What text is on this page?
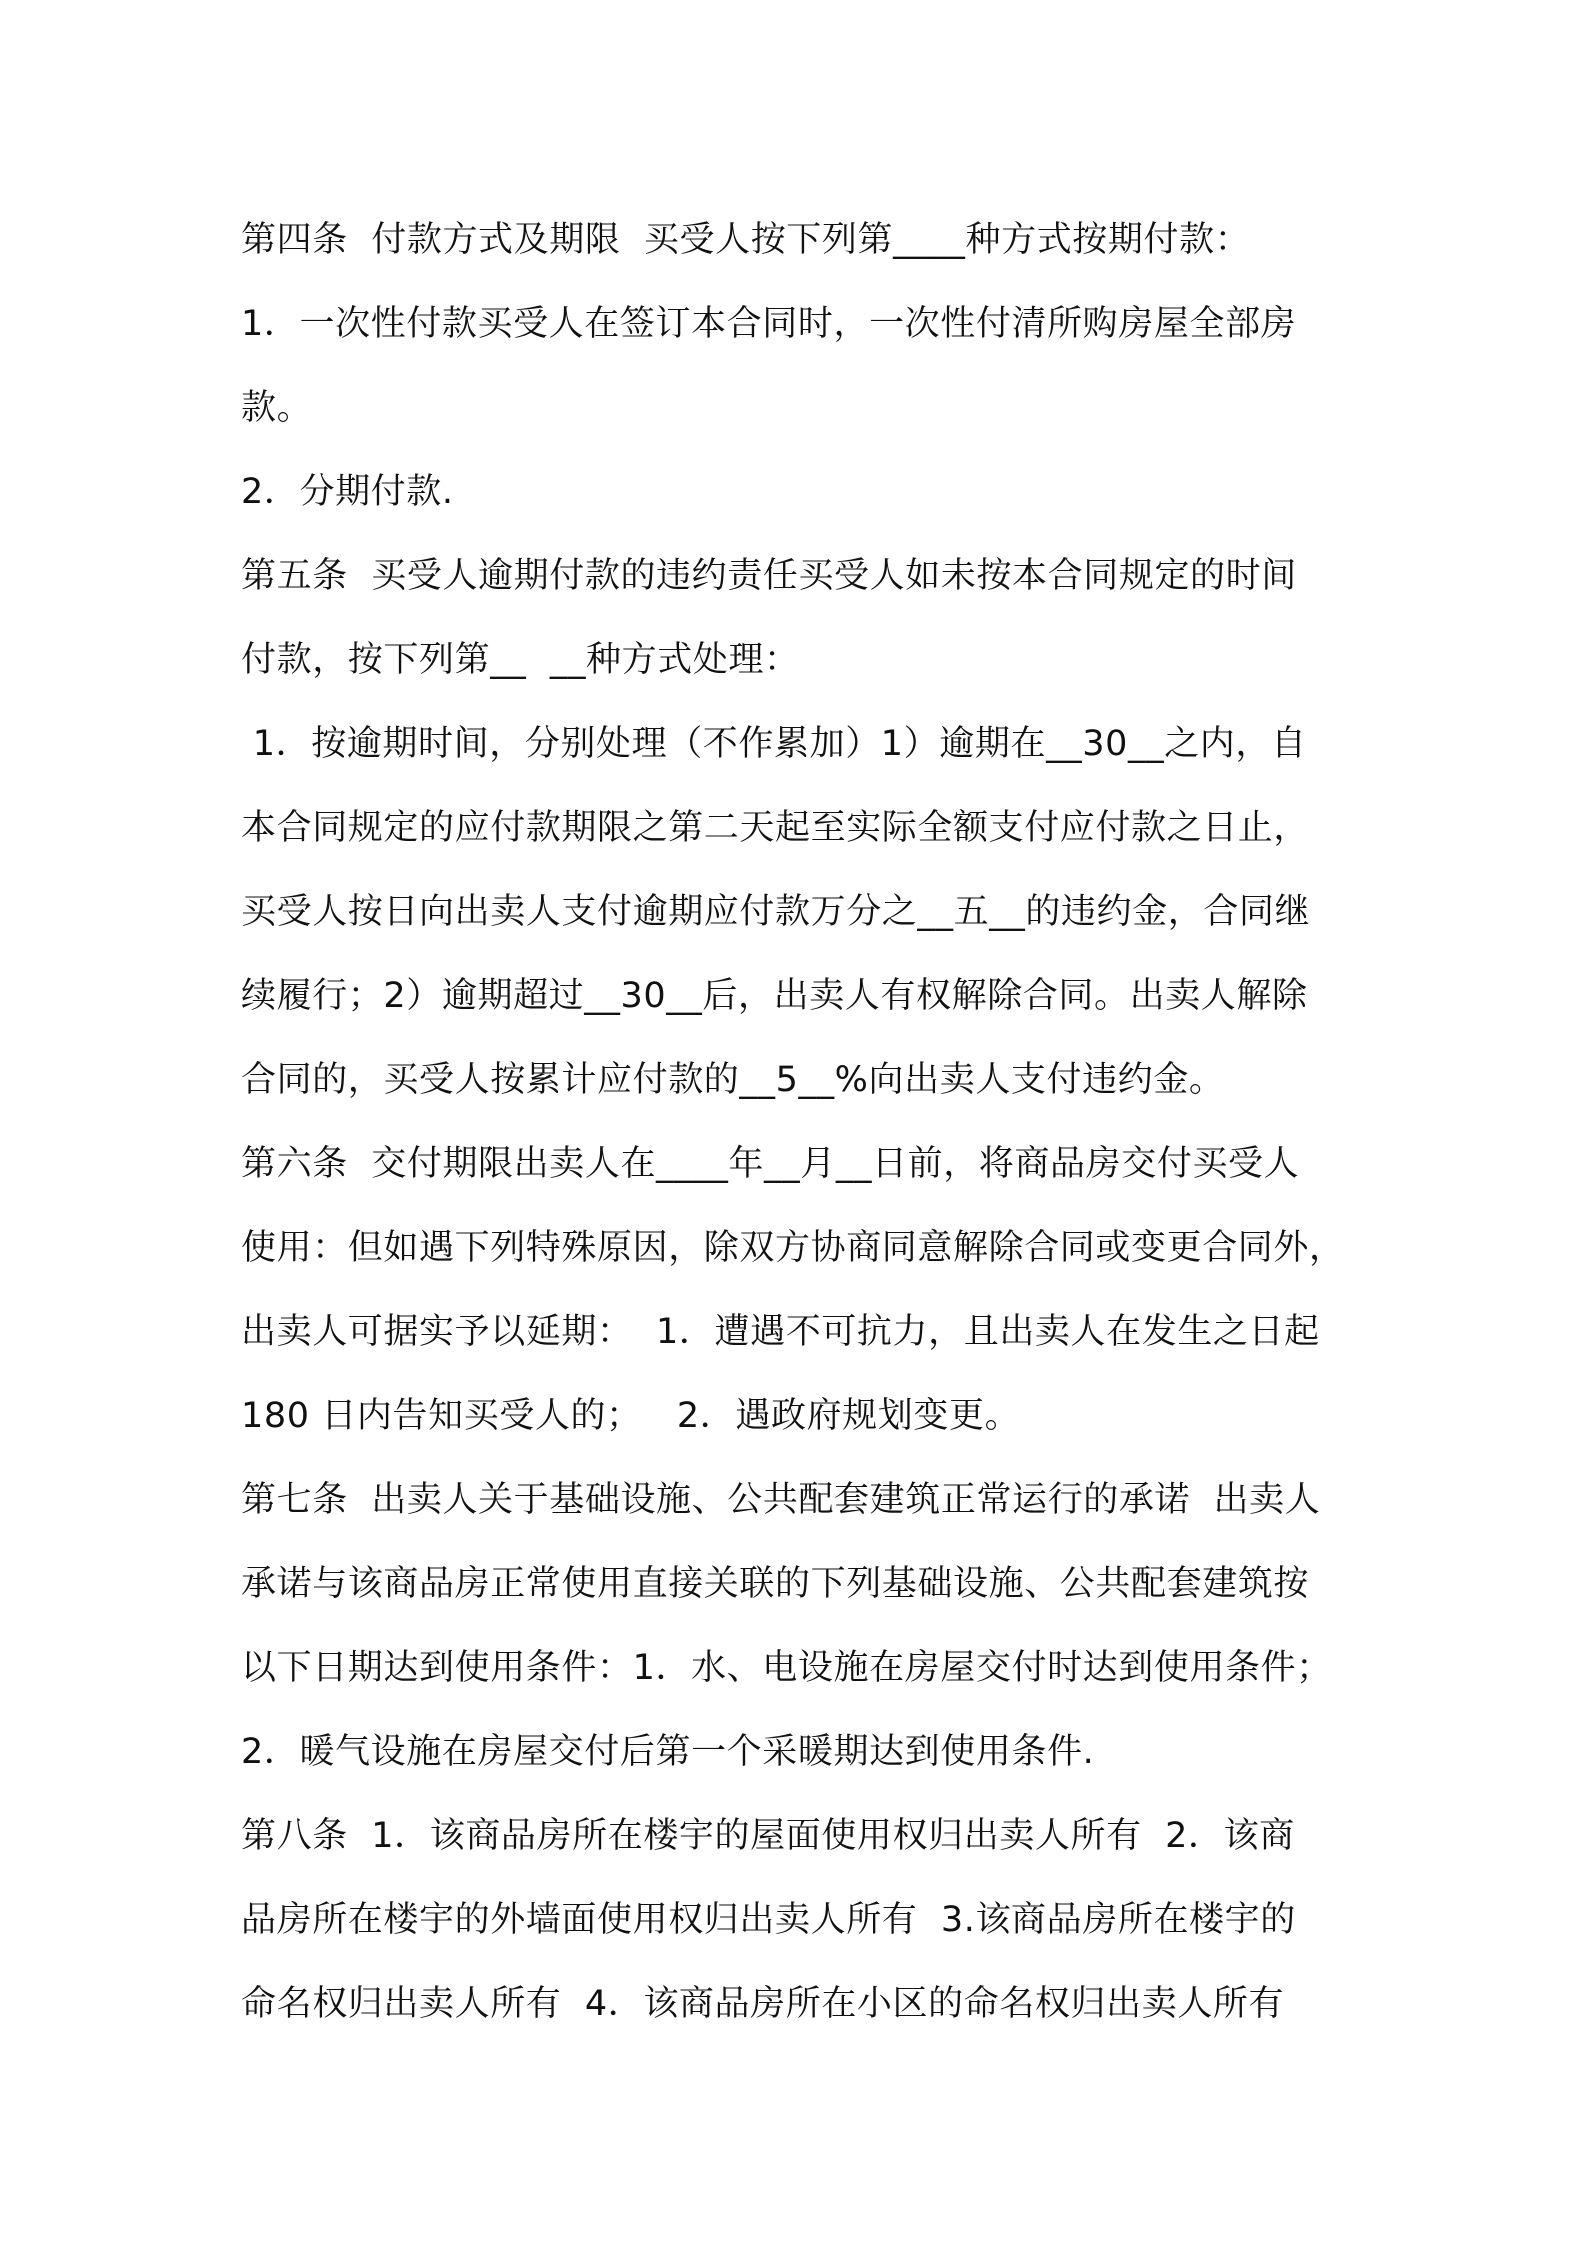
第四条  付款方式及期限  买受人按下列第____种方式按期付款：
1．一次性付款买受人在签订本合同时，一次性付清所购房屋全部房
款。
2．分期付款.
第五条  买受人逾期付款的违约责任买受人如未按本合同规定的时间
付款，按下列第__  __种方式处理：
1．按逾期时间，分别处理（不作累加）1）逾期在__30__之内，自
本合同规定的应付款期限之第二天起至实际全额支付应付款之日止，
买受人按日向出卖人支付逾期应付款万分之__五__的违约金，合同继
续履行；2）逾期超过__30__后，出卖人有权解除合同。出卖人解除
合同的，买受人按累计应付款的__5__%向出卖人支付违约金。
第六条  交付期限出卖人在____年__月__日前，将商品房交付买受人
使用：但如遇下列特殊原因，除双方协商同意解除合同或变更合同外，
出卖人可据实予以延期：  1．遭遇不可抗力，且出卖人在发生之日起
180 日内告知买受人的；   2．遇政府规划变更。
第七条  出卖人关于基础设施、公共配套建筑正常运行的承诺  出卖人
承诺与该商品房正常使用直接关联的下列基础设施、公共配套建筑按
以下日期达到使用条件：1．水、电设施在房屋交付时达到使用条件；
2．暖气设施在房屋交付后第一个采暖期达到使用条件.
第八条  1．该商品房所在楼宇的屋面使用权归出卖人所有  2．该商
品房所在楼宇的外墙面使用权归出卖人所有  3.该商品房所在楼宇的
命名权归出卖人所有  4．该商品房所在小区的命名权归出卖人所有
